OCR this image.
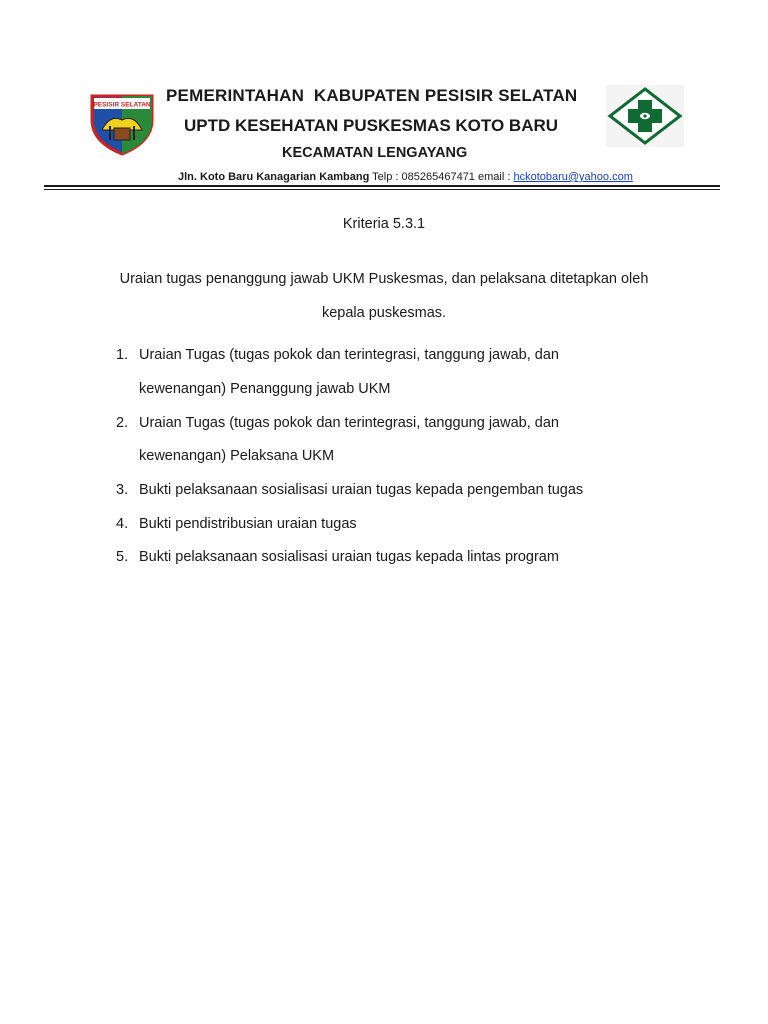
PESISIR SELATAN PEMERINTAHAN  KABUPATEN PESISIR SELATAN
UPTD KESEHATAN PUSKESMAS KOTO BARU
KECAMATAN LENGAYANG
Jln. Koto Baru Kanagarian Kambang Telp : 085265467471 email : hckotobaru@yahoo.com
Kriteria 5.3.1
Uraian tugas penanggung jawab UKM Puskesmas, dan pelaksana ditetapkan oleh
kepala puskesmas.
1. Uraian Tugas (tugas pokok dan terintegrasi, tanggung jawab, dan
kewenangan) Penanggung jawab UKM
2. Uraian Tugas (tugas pokok dan terintegrasi, tanggung jawab, dan
kewenangan) Pelaksana UKM
3. Bukti pelaksanaan sosialisasi uraian tugas kepada pengemban tugas
4. Bukti pendistribusian uraian tugas
5. Bukti pelaksanaan sosialisasi uraian tugas kepada lintas program
